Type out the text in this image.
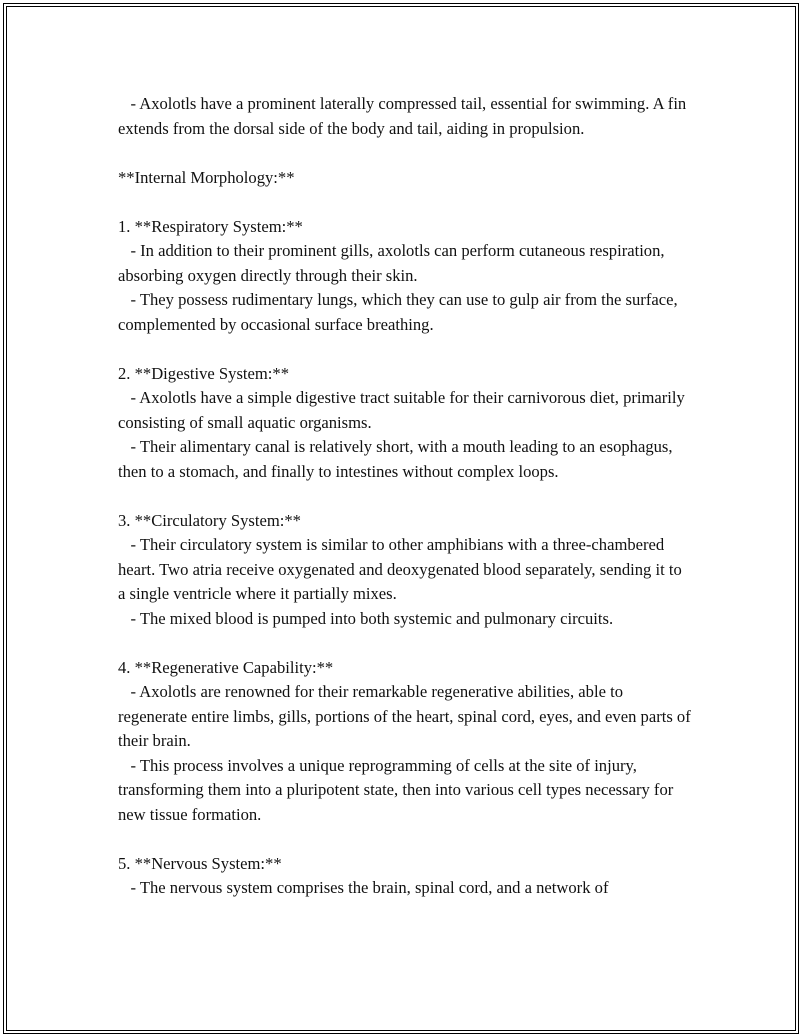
- Axolotls have a prominent laterally compressed tail, essential for swimming. A fin extends from the dorsal side of the body and tail, aiding in propulsion.

**Internal Morphology:**

1. **Respiratory System:**

- In addition to their prominent gills, axolotls can perform cutaneous respiration, absorbing oxygen directly through their skin.

- They possess rudimentary lungs, which they can use to gulp air from the surface, complemented by occasional surface breathing.

2. **Digestive System:**

- Axolotls have a simple digestive tract suitable for their carnivorous diet, primarily consisting of small aquatic organisms.

- Their alimentary canal is relatively short, with a mouth leading to an esophagus, then to a stomach, and finally to intestines without complex loops.

3. **Circulatory System:**

- Their circulatory system is similar to other amphibians with a three-chambered heart. Two atria receive oxygenated and deoxygenated blood separately, sending it to a single ventricle where it partially mixes.

- The mixed blood is pumped into both systemic and pulmonary circuits.

4. **Regenerative Capability:**

- Axolotls are renowned for their remarkable regenerative abilities, able to regenerate entire limbs, gills, portions of the heart, spinal cord, eyes, and even parts of their brain.

- This process involves a unique reprogramming of cells at the site of injury, transforming them into a pluripotent state, then into various cell types necessary for new tissue formation.

5. **Nervous System:**

- The nervous system comprises the brain, spinal cord, and a network of
